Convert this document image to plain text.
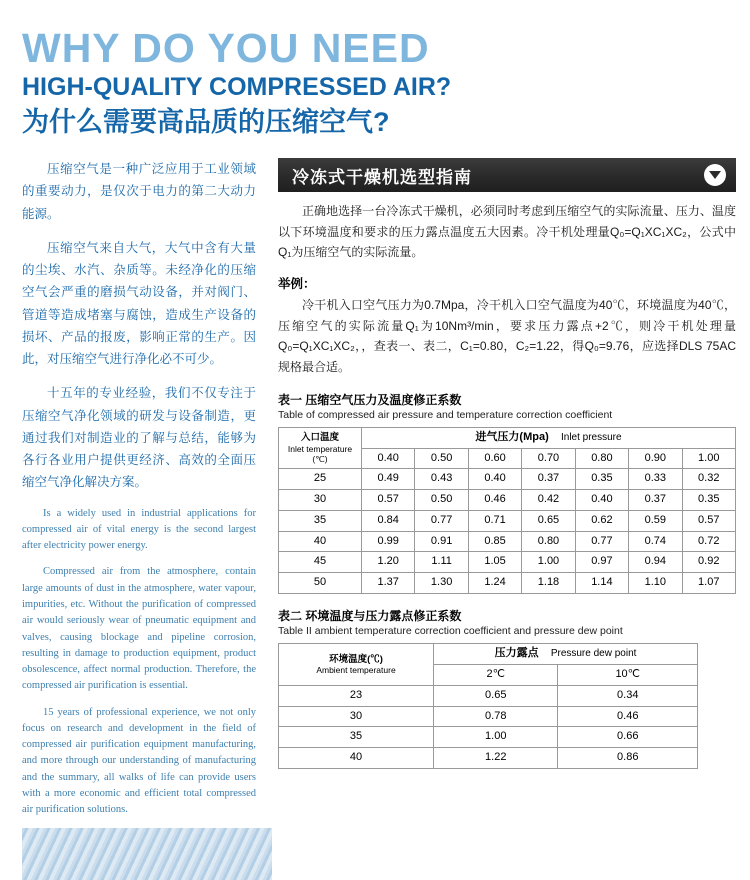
WHY DO YOU NEED
HIGH-QUALITY COMPRESSED AIR?
为什么需要高品质的压缩空气?

压缩空气是一种广泛应用于工业领域的重要动力，是仅次于电力的第二大动力能源。

压缩空气来自大气，大气中含有大量的尘埃、水汽、杂质等。未经净化的压缩空气会严重的磨损气动设备，并对阀门、管道等造成堵塞与腐蚀，造成生产设备的损坏、产品的报废，影响正常的生产。因此，对压缩空气进行净化必不可少。

十五年的专业经验，我们不仅专注于压缩空气净化领域的研发与设备制造，更通过我们对制造业的了解与总结，能够为各行各业用户提供更经济、高效的全面压缩空气净化解决方案。

Is a widely used in industrial applications for compressed air of vital energy is the second largest after electricity power energy.

Compressed air from the atmosphere, contain large amounts of dust in the atmosphere, water vapour, impurities, etc. Without the purification of compressed air would seriously wear of pneumatic equipment and valves, causing blockage and pipeline corrosion, resulting in damage to production equipment, product obsolescence, affect normal production. Therefore, the compressed air purification is essential.

15 years of professional experience, we not only focus on research and development in the field of compressed air purification equipment manufacturing, and more through our understanding of manufacturing and the summary, all walks of life can provide users with a more economic and efficient total compressed air purification solutions.

冷冻式干燥机选型指南

正确地选择一台冷冻式干燥机，必须同时考虑到压缩空气的实际流量、压力、温度以下环境温度和要求的压力露点温度五大因素。冷干机处理量Q₀=Q₁XC₁XC₂，公式中Q₁为压缩空气的实际流量。

举例：

冷干机入口空气压力为0.7Mpa，冷干机入口空气温度为40℃，环境温度为40℃，压缩空气的实际流量Q₁为10Nm³/min，要求压力露点+2℃，则冷干机处理量Q₀=Q₁XC₁XC₂，，查表一、表二，C₁=0.80，C₂=1.22，得Q₀=9.76，应选择DLS 75AC规格最合适。

表一 压缩空气压力及温度修正系数
Table of compressed air pressure and temperature correction coefficient
入口温度
Inlet temperature (℃)	进气压力(Mpa) Inlet pressure						
	0.40	0.50	0.60	0.70	0.80	0.90	1.00
25	0.49	0.43	0.40	0.37	0.35	0.33	0.32
30	0.57	0.50	0.46	0.42	0.40	0.37	0.35
35	0.84	0.77	0.71	0.65	0.62	0.59	0.57
40	0.99	0.91	0.85	0.80	0.77	0.74	0.72
45	1.20	1.11	1.05	1.00	0.97	0.94	0.92
50	1.37	1.30	1.24	1.18	1.14	1.10	1.07
表二 环境温度与压力露点修正系数
Table II ambient temperature correction coefficient and pressure dew point
环境温度(℃)
Ambient temperature	压力露点 Pressure dew point	
	2℃	10℃
23	0.65	0.34
30	0.78	0.46
35	1.00	0.66
40	1.22	0.86
